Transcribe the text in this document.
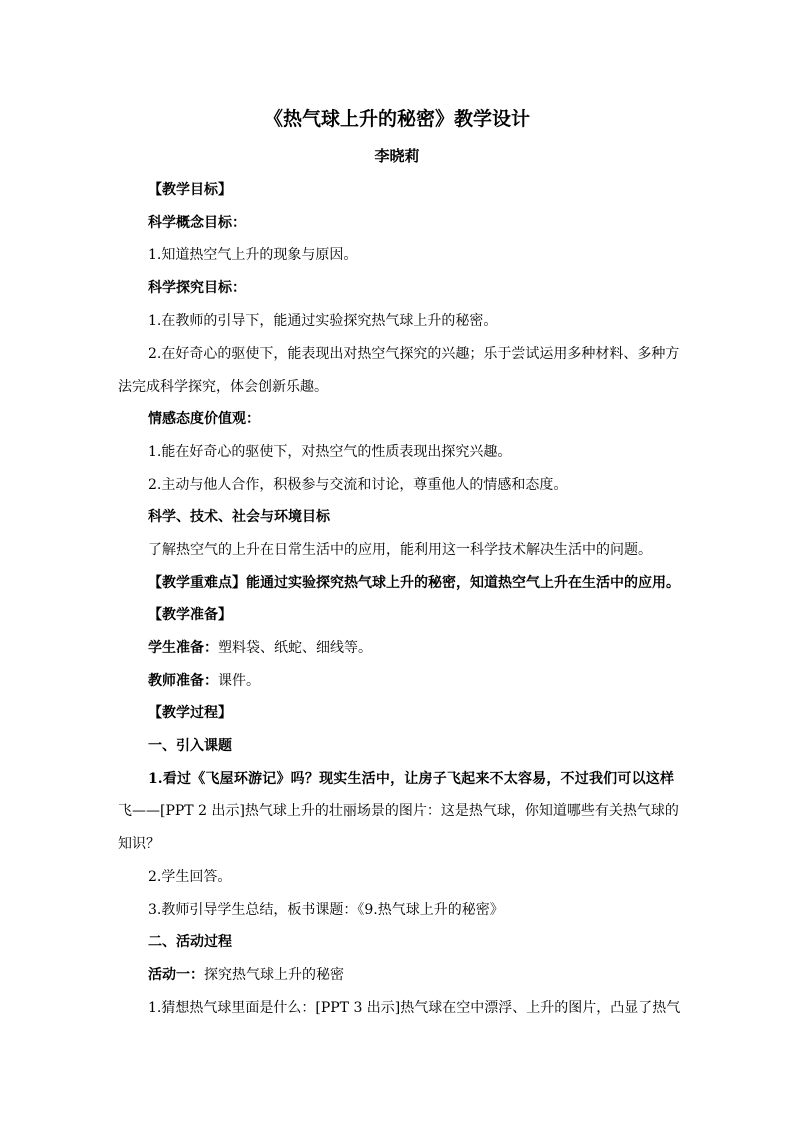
《热气球上升的秘密》教学设计
李晓莉
【教学目标】
科学概念目标：
1.知道热空气上升的现象与原因。
科学探究目标：
1.在教师的引导下，能通过实验探究热气球上升的秘密。
2.在好奇心的驱使下，能表现出对热空气探究的兴趣；乐于尝试运用多种材料、多种方
法完成科学探究，体会创新乐趣。
情感态度价值观：
1.能在好奇心的驱使下，对热空气的性质表现出探究兴趣。
2.主动与他人合作，积极参与交流和讨论，尊重他人的情感和态度。
科学、技术、社会与环境目标
了解热空气的上升在日常生活中的应用，能利用这一科学技术解决生活中的问题。
【教学重难点】能通过实验探究热气球上升的秘密，知道热空气上升在生活中的应用。
【教学准备】
学生准备：塑料袋、纸蛇、细线等。
教师准备：课件。
【教学过程】
一、引入课题
1.看过《飞屋环游记》吗？现实生活中，让房子飞起来不太容易，不过我们可以这样
飞——[PPT 2 出示]热气球上升的壮丽场景的图片：这是热气球，你知道哪些有关热气球的
知识？
2.学生回答。
3.教师引导学生总结，板书课题：《9.热气球上升的秘密》
二、活动过程
活动一：探究热气球上升的秘密
1.猜想热气球里面是什么：[PPT 3 出示]热气球在空中漂浮、上升的图片，凸显了热气
